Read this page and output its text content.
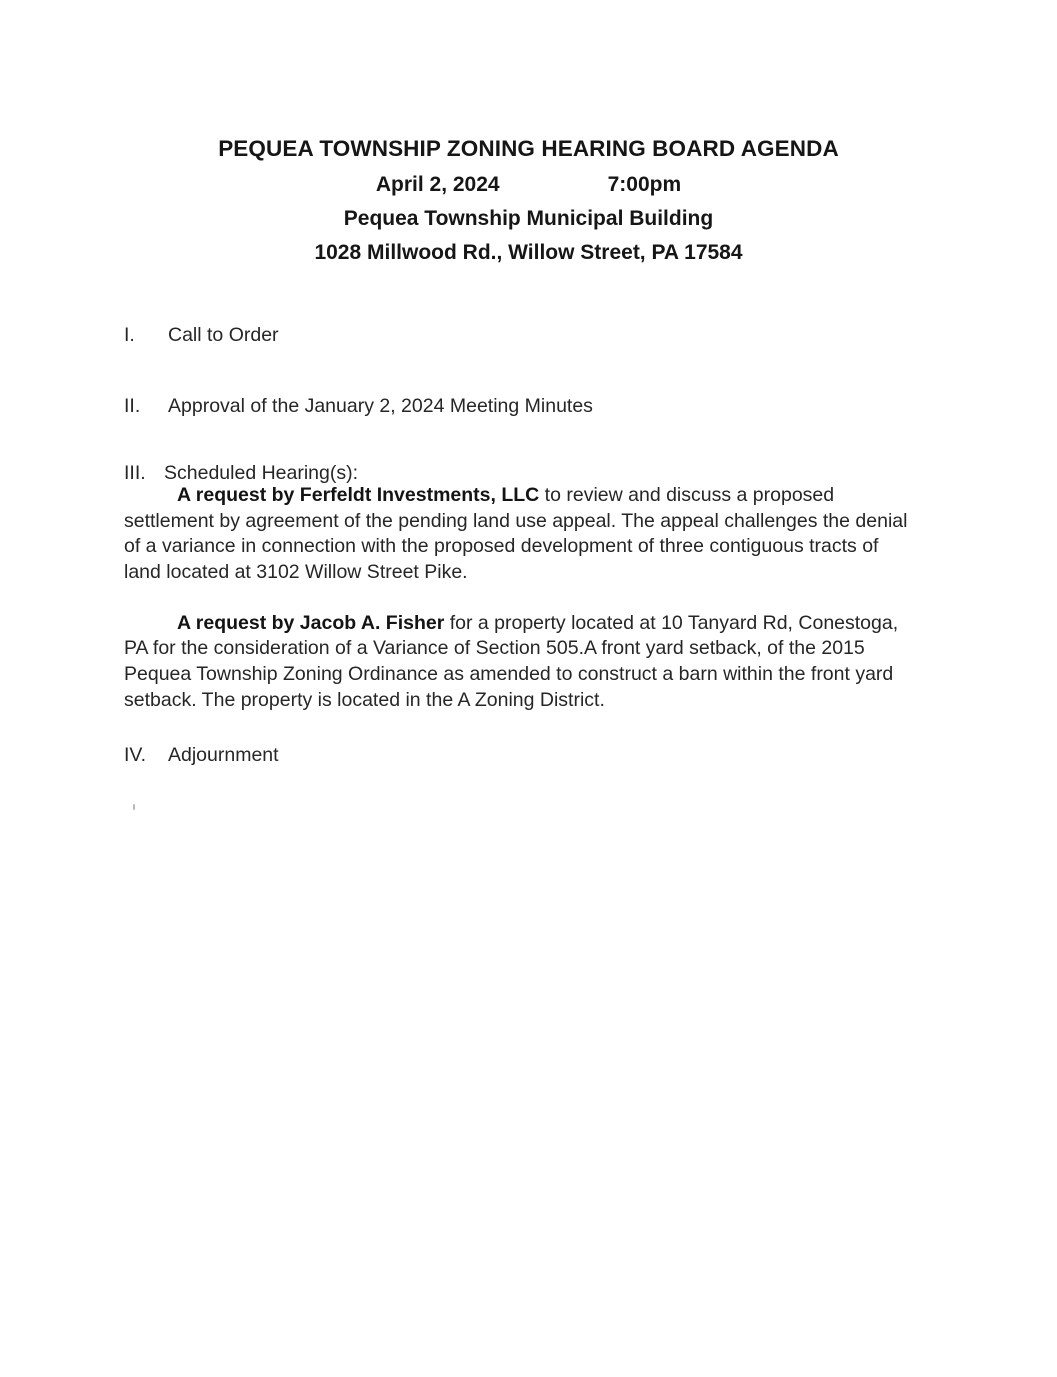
PEQUEA TOWNSHIP ZONING HEARING BOARD AGENDA
April 2, 2024	7:00pm
Pequea Township Municipal Building
1028 Millwood Rd., Willow Street, PA 17584
I.	Call to Order
II.	Approval of the January 2, 2024 Meeting Minutes
III. Scheduled Hearing(s):

A request by Ferfeldt Investments, LLC to review and discuss a proposed settlement by agreement of the pending land use appeal. The appeal challenges the denial of a variance in connection with the proposed development of three contiguous tracts of land located at 3102 Willow Street Pike.

A request by Jacob A. Fisher for a property located at 10 Tanyard Rd, Conestoga, PA for the consideration of a Variance of Section 505.A front yard setback, of the 2015 Pequea Township Zoning Ordinance as amended to construct a barn within the front yard setback. The property is located in the A Zoning District.

IV.	Adjournment
